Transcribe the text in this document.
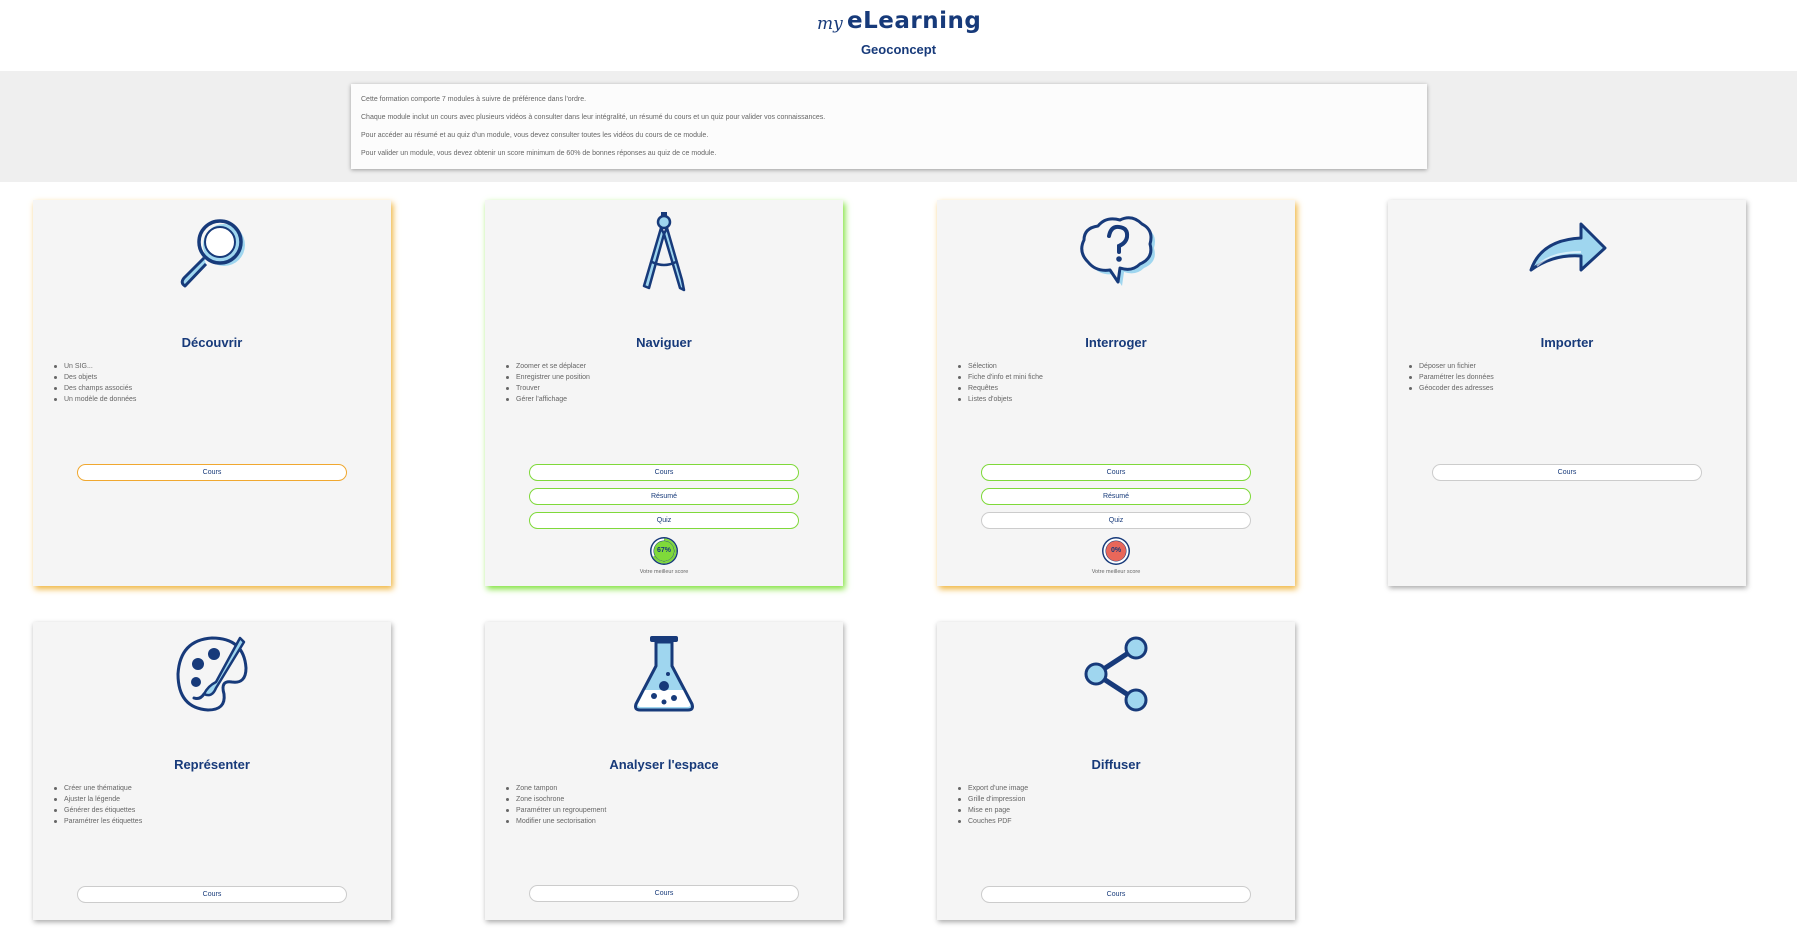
my eLearning
Geoconcept

Cette formation comporte 7 modules à suivre de préférence dans l'ordre.

Chaque module inclut un cours avec plusieurs vidéos à consulter dans leur intégralité, un résumé du cours et un quiz pour valider vos connaissances.

Pour accéder au résumé et au quiz d'un module, vous devez consulter toutes les vidéos du cours de ce module.

Pour valider un module, vous devez obtenir un score minimum de 60% de bonnes réponses au quiz de ce module.

Découvrir
Un SIG...
Des objets
Des champs associés
Un modèle de données
Cours
Naviguer
Zoomer et se déplacer
Enregistrer une position
Trouver
Gérer l'affichage
Cours
Résumé
Quiz
67%
Votre meilleur score
Interroger
Sélection
Fiche d'info et mini fiche
Requêtes
Listes d'objets
Cours
Résumé
Quiz
0%
Votre meilleur score
Importer
Déposer un fichier
Paramétrer les données
Géocoder des adresses
Cours
Représenter
Créer une thématique
Ajuster la légende
Générer des étiquettes
Paramétrer les étiquettes
Cours
Analyser l'espace
Zone tampon
Zone isochrone
Paramétrer un regroupement
Modifier une sectorisation
Cours
Diffuser
Export d'une image
Grille d'impression
Mise en page
Couches PDF
Cours
